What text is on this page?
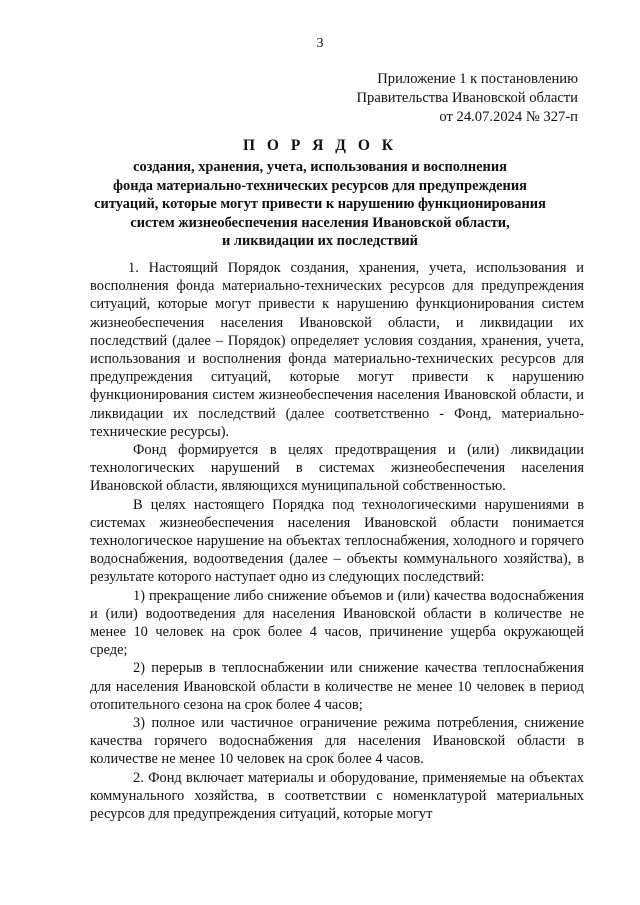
3
Приложение 1 к постановлению
Правительства Ивановской области
от 24.07.2024 № 327-п
П О Р Я Д О К
создания, хранения, учета, использования и восполнения
фонда материально-технических ресурсов для предупреждения
ситуаций, которые могут привести к нарушению функционирования
систем жизнеобеспечения населения Ивановской области,
и ликвидации их последствий

1. Настоящий Порядок создания, хранения, учета, использования и восполнения фонда материально-технических ресурсов для предупреждения ситуаций, которые могут привести к нарушению функционирования систем жизнеобеспечения населения Ивановской области, и ликвидации их последствий (далее – Порядок) определяет условия создания, хранения, учета, использования и восполнения фонда материально-технических ресурсов для предупреждения ситуаций, которые могут привести к нарушению функционирования систем жизнеобеспечения населения Ивановской области, и ликвидации их последствий (далее соответственно - Фонд, материально-технические ресурсы).

Фонд формируется в целях предотвращения и (или) ликвидации технологических нарушений в системах жизнеобеспечения населения Ивановской области, являющихся муниципальной собственностью.

В целях настоящего Порядка под технологическими нарушениями в системах жизнеобеспечения населения Ивановской области понимается технологическое нарушение на объектах теплоснабжения, холодного и горячего водоснабжения, водоотведения (далее – объекты коммунального хозяйства), в результате которого наступает одно из следующих последствий:

1) прекращение либо снижение объемов и (или) качества водоснабжения и (или) водоотведения для населения Ивановской области в количестве не менее 10 человек на срок более 4 часов, причинение ущерба окружающей среде;

2) перерыв в теплоснабжении или снижение качества теплоснабжения для населения Ивановской области в количестве не менее 10 человек в период отопительного сезона на срок более 4 часов;

3) полное или частичное ограничение режима потребления, снижение качества горячего водоснабжения для населения Ивановской области в количестве не менее 10 человек на срок более 4 часов.

2. Фонд включает материалы и оборудование, применяемые на объектах коммунального хозяйства, в соответствии с номенклатурой материальных ресурсов для предупреждения ситуаций, которые могут
